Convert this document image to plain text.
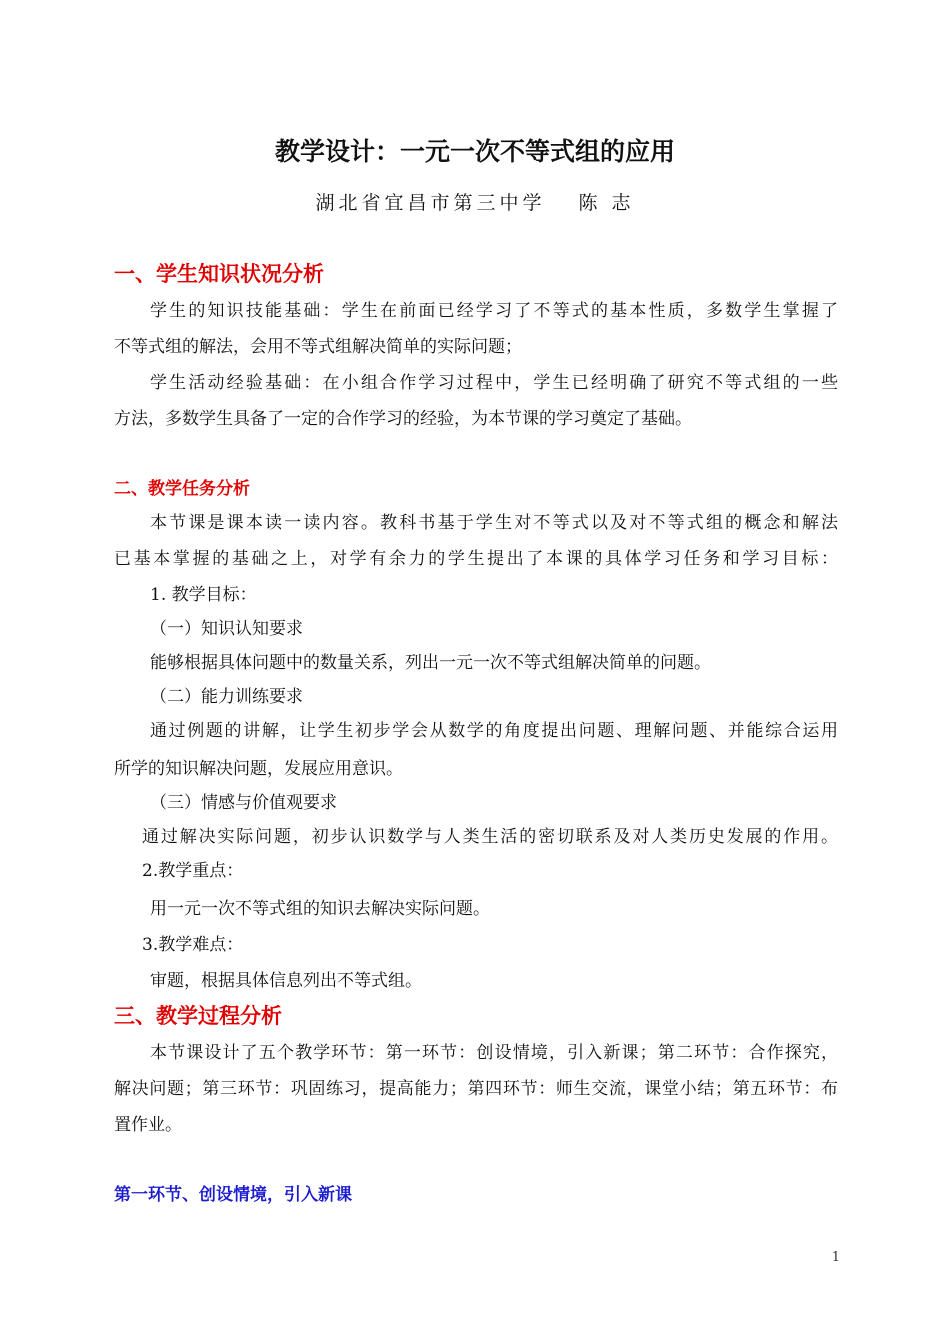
教学设计：一元一次不等式组的应用
湖北省宜昌市第三中学　 陈 志
一、学生知识状况分析
学生的知识技能基础：学生在前面已经学习了不等式的基本性质，多数学生掌握了
不等式组的解法，会用不等式组解决简单的实际问题；
学生活动经验基础：在小组合作学习过程中，学生已经明确了研究不等式组的一些
方法，多数学生具备了一定的合作学习的经验，为本节课的学习奠定了基础。
二、教学任务分析
本节课是课本读一读内容。教科书基于学生对不等式以及对不等式组的概念和解法
已基本掌握的基础之上，对学有余力的学生提出了本课的具体学习任务和学习目标：
1. 教学目标：
（一）知识认知要求
能够根据具体问题中的数量关系，列出一元一次不等式组解决简单的问题。
（二）能力训练要求
通过例题的讲解，让学生初步学会从数学的角度提出问题、理解问题、并能综合运用
所学的知识解决问题，发展应用意识。
（三）情感与价值观要求
通过解决实际问题，初步认识数学与人类生活的密切联系及对人类历史发展的作用。
2.教学重点：
用一元一次不等式组的知识去解决实际问题。
3.教学难点：
审题，根据具体信息列出不等式组。
三、教学过程分析
本节课设计了五个教学环节：第一环节：创设情境，引入新课；第二环节：合作探究，
解决问题；第三环节：巩固练习，提高能力；第四环节：师生交流，课堂小结；第五环节：布
置作业。
第一环节、创设情境，引入新课
1
